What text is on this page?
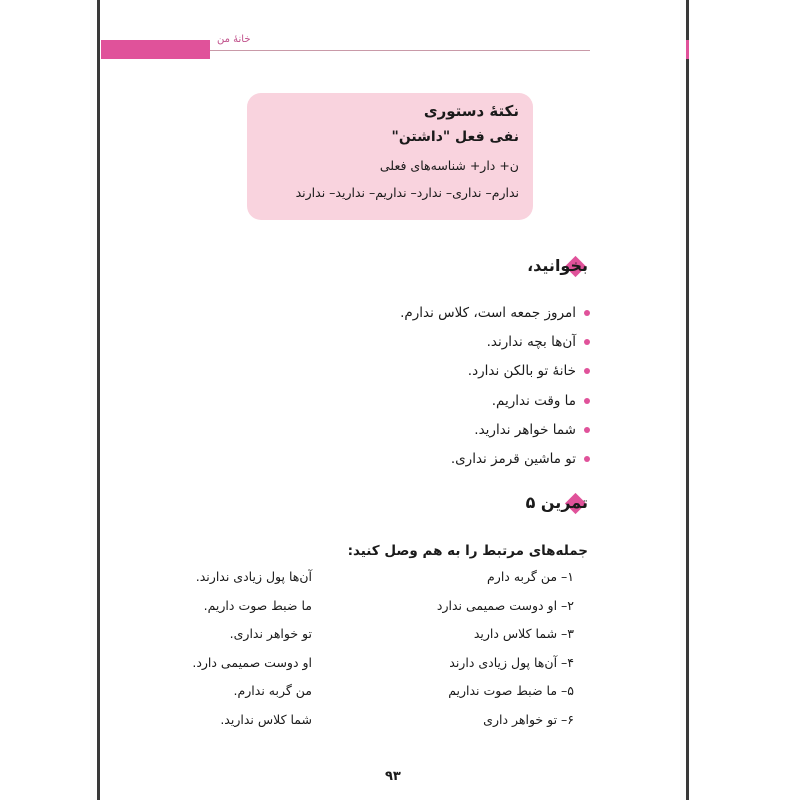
خانهٔ من
نکتهٔ دستوری
نفی فعل "داشتن"
ن+ دار+ شناسه‌های فعلی
ندارم– نداری– ندارد– نداریم– ندارید– ندارند
بخوانید،
امروز جمعه است، کلاس ندارم.
آن‌ها بچه ندارند.
خانهٔ تو بالکن ندارد.
ما وقت نداریم.
شما خواهر ندارید.
تو ماشین قرمز نداری.
تمرین ۵
جمله‌های مرتبط را به هم وصل کنید:
۱– من گربه دارم
۲– او دوست صمیمی ندارد
۳– شما کلاس دارید
۴– آن‌ها پول زیادی دارند
۵– ما ضبط صوت نداریم
۶– تو خواهر داری
آن‌ها پول زیادی ندارند.
ما ضبط صوت داریم.
تو خواهر نداری.
او دوست صمیمی دارد.
من گربه ندارم.
شما کلاس ندارید.
۹۳
